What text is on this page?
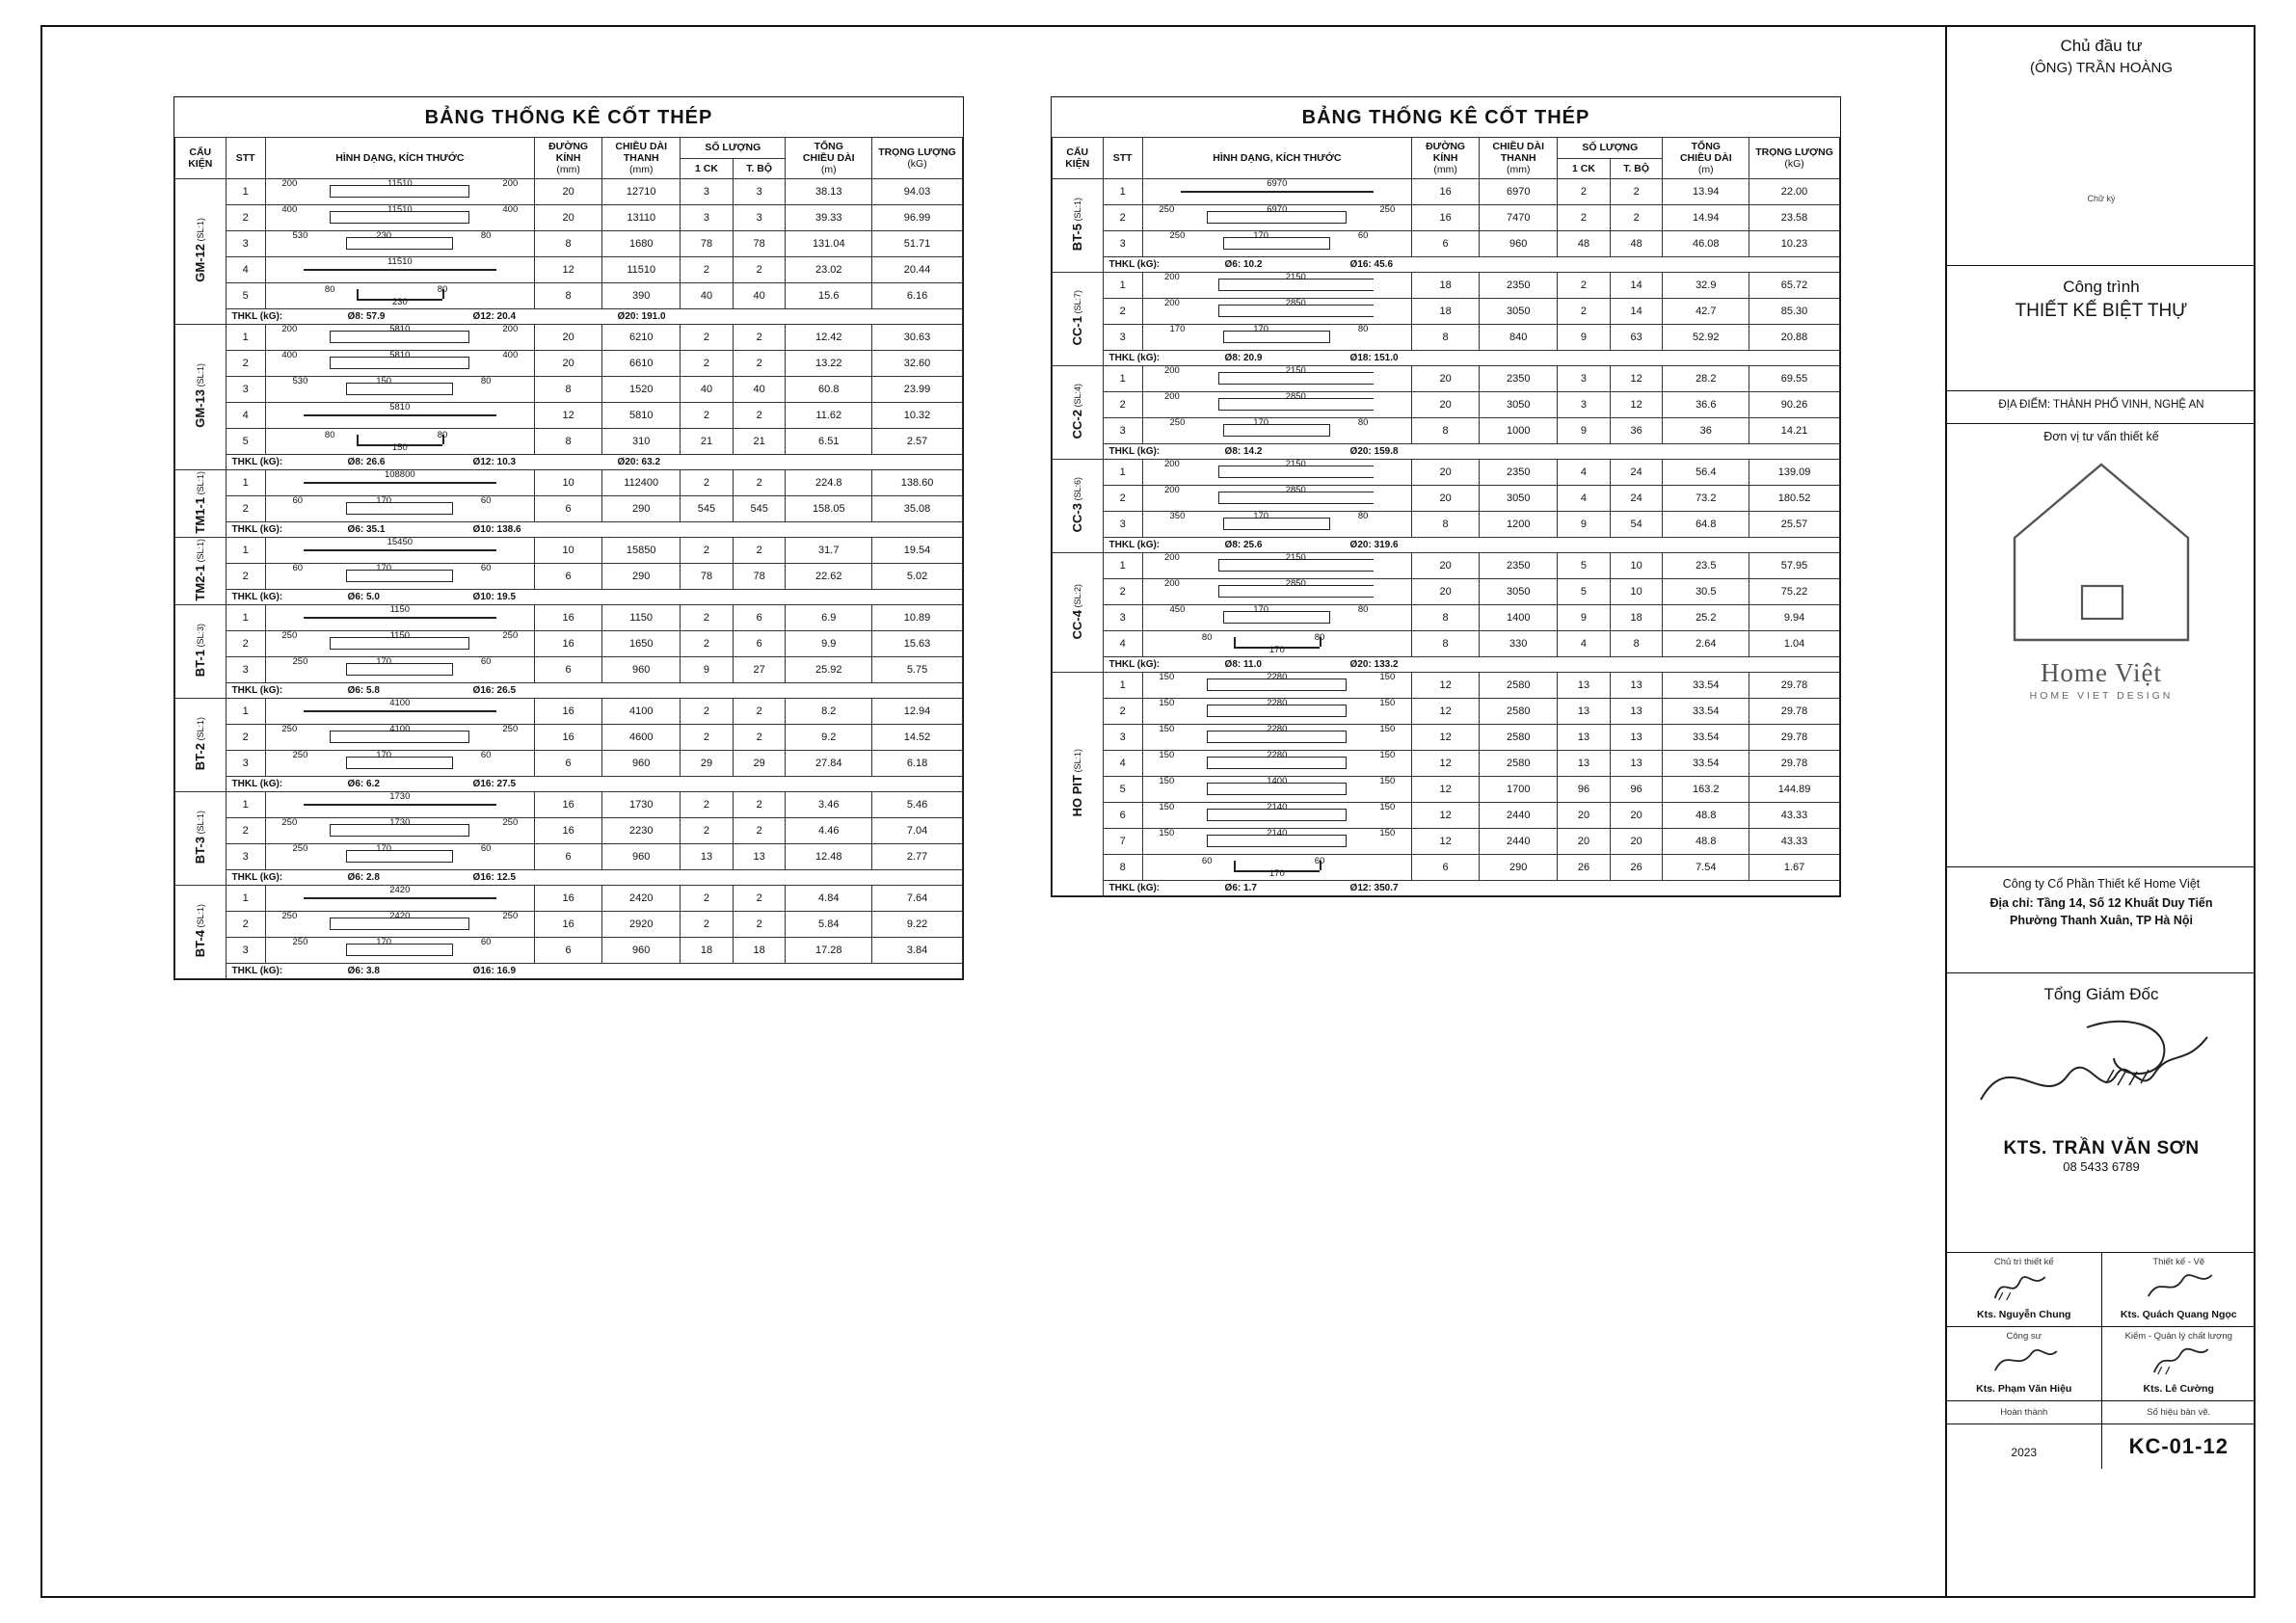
BẢNG THỐNG KÊ CỐT THÉP								
CẤU
KIỆN	STT	HÌNH DẠNG, KÍCH THƯỚC	ĐƯỜNG
KÍNH
(mm)	CHIỀU DÀI
THANH
(mm)	SỐ LƯỢNG		TỔNG
CHIỀU DÀI
(m)	TRỌNG LƯỢNG
(kG)
					1 CK	T. BỘ		
GM-12 (SL:1)	1	200 11510 200	20	12710	3	3	38.13	94.03
	2	400 11510 400	20	13110	3	3	39.33	96.99
	3	530 230 80	8	1680	78	78	131.04	51.71
	4	11510	12	11510	2	2	23.02	20.44
	5	80
230
80	8	390	40	40	15.6	6.16
	THKL (kG): Ø8: 57.9 Ø12: 20.4 Ø20: 191.0							
GM-13 (SL:1)	1	200 5810 200	20	6210	2	2	12.42	30.63
	2	400 5810 400	20	6610	2	2	13.22	32.60
	3	530 150 80	8	1520	40	40	60.8	23.99
	4	5810	12	5810	2	2	11.62	10.32
	5	80
150
80	8	310	21	21	6.51	2.57
	THKL (kG): Ø8: 26.6 Ø12: 10.3 Ø20: 63.2							
TM1-1 (SL:1)	1	108800	10	112400	2	2	224.8	138.60
	2	60 170 60	6	290	545	545	158.05	35.08
	THKL (kG): Ø6: 35.1 Ø10: 138.6							
TM2-1 (SL:1)	1	15450	10	15850	2	2	31.7	19.54
	2	60 170 60	6	290	78	78	22.62	5.02
	THKL (kG): Ø6: 5.0 Ø10: 19.5							
BT-1 (SL:3)	1	1150	16	1150	2	6	6.9	10.89
	2	250 1150 250	16	1650	2	6	9.9	15.63
	3	250 170 60	6	960	9	27	25.92	5.75
	THKL (kG): Ø6: 5.8 Ø16: 26.5							
BT-2 (SL:1)	1	4100	16	4100	2	2	8.2	12.94
	2	250 4100 250	16	4600	2	2	9.2	14.52
	3	250 170 60	6	960	29	29	27.84	6.18
	THKL (kG): Ø6: 6.2 Ø16: 27.5							
BT-3 (SL:1)	1	1730	16	1730	2	2	3.46	5.46
	2	250 1730 250	16	2230	2	2	4.46	7.04
	3	250 170 60	6	960	13	13	12.48	2.77
	THKL (kG): Ø6: 2.8 Ø16: 12.5							
BT-4 (SL:1)	1	2420	16	2420	2	2	4.84	7.64
	2	250 2420 250	16	2920	2	2	5.84	9.22
	3	250 170 60	6	960	18	18	17.28	3.84
	THKL (kG): Ø6: 3.8 Ø16: 16.9							
BẢNG THỐNG KÊ CỐT THÉP								
CẤU
KIỆN	STT	HÌNH DẠNG, KÍCH THƯỚC	ĐƯỜNG
KÍNH
(mm)	CHIỀU DÀI
THANH
(mm)	SỐ LƯỢNG		TỔNG
CHIỀU DÀI
(m)	TRỌNG LƯỢNG
(kG)
					1 CK	T. BỘ		
BT-5 (SL:1)	1	6970	16	6970	2	2	13.94	22.00
	2	250 6970 250	16	7470	2	2	14.94	23.58
	3	250 170 60	6	960	48	48	46.08	10.23
	THKL (kG): Ø6: 10.2 Ø16: 45.6							
CC-1 (SL:7)	1	200 2150	18	2350	2	14	32.9	65.72
	2	200 2850	18	3050	2	14	42.7	85.30
	3	170 170 80	8	840	9	63	52.92	20.88
	THKL (kG): Ø8: 20.9 Ø18: 151.0							
CC-2 (SL:4)	1	200 2150	20	2350	3	12	28.2	69.55
	2	200 2850	20	3050	3	12	36.6	90.26
	3	250 170 80	8	1000	9	36	36	14.21
	THKL (kG): Ø8: 14.2 Ø20: 159.8							
CC-3 (SL:6)	1	200 2150	20	2350	4	24	56.4	139.09
	2	200 2850	20	3050	4	24	73.2	180.52
	3	350 170 80	8	1200	9	54	64.8	25.57
	THKL (kG): Ø8: 25.6 Ø20: 319.6							
CC-4 (SL:2)	1	200 2150	20	2350	5	10	23.5	57.95
	2	200 2850	20	3050	5	10	30.5	75.22
	3	450 170 80	8	1400	9	18	25.2	9.94
	4	80
170
80	8	330	4	8	2.64	1.04
	THKL (kG): Ø8: 11.0 Ø20: 133.2							
HO PIT (SL:1)	1	150 2280 150	12	2580	13	13	33.54	29.78
	2	150 2280 150	12	2580	13	13	33.54	29.78
	3	150 2280 150	12	2580	13	13	33.54	29.78
	4	150 2280 150	12	2580	13	13	33.54	29.78
	5	150 1400 150	12	1700	96	96	163.2	144.89
	6	150 2140 150	12	2440	20	20	48.8	43.33
	7	150 2140 150	12	2440	20	20	48.8	43.33
	8	60
170
60	6	290	26	26	7.54	1.67
	THKL (kG): Ø6: 1.7 Ø12: 350.7							
Chủ đầu tư
(ÔNG) TRẦN HOÀNG
Chữ ký
Công trình
THIẾT KẾ BIỆT THỰ
ĐỊA ĐIỂM: THÀNH PHỐ VINH, NGHỆ AN
Đơn vị tư vấn thiết kế
Home Việt
HOME VIET DESIGN
Công ty Cổ Phần Thiết kế Home Việt
Địa chỉ: Tầng 14, Số 12 Khuất Duy Tiến
Phường Thanh Xuân, TP Hà Nội
Tổng Giám Đốc
KTS. TRẦN VĂN SƠN
08 5433 6789
Chủ trì thiết kế
Kts. Nguyễn Chung
Thiết kế - Vẽ
Kts. Quách Quang Ngọc
Công sư
Kts. Phạm Văn Hiệu
Kiểm - Quản lý chất lượng
Kts. Lê Cường
Hoàn thành	Số hiệu bản vẽ.
2023	KC-01-12
